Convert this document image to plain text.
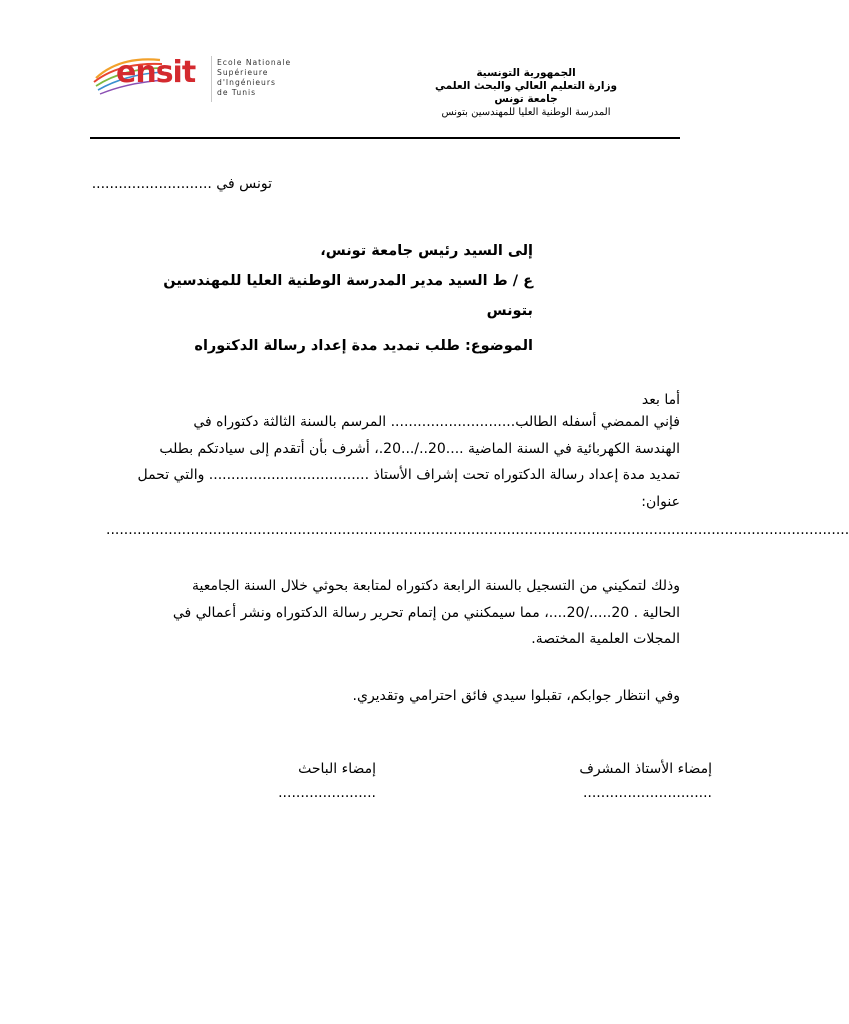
ensit	Ecole Nationale
Supérieure
d'Ingénieurs
de Tunis
الجمهورية التونسية
وزارة التعليم العالي والبحث العلمي
جامعة تونس
المدرسة الوطنية العليا للمهندسين بتونس
تونس في ...........................
إلى السيد رئيس جامعة تونس،
ع / ط السيد مدير المدرسة الوطنية العليا للمهندسين
بتونس
الموضوع: طلب تمديد مدة إعداد رسالة الدكتوراه
أما بعد
فإني الممضي أسفله الطالب............................ المرسم بالسنة الثالثة دكتوراه في
الهندسة الكهربائية في السنة الماضية ....20../...20.، أشرف بأن أتقدم إلى سيادتكم بطلب
تمديد مدة إعداد رسالة الدكتوراه تحت إشراف الأستاذ .................................... والتي تحمل
عنوان:
.......................................................................................................................................................................
وذلك لتمكيني من التسجيل بالسنة الرابعة دكتوراه لمتابعة بحوثي خلال السنة الجامعية
الحالية . 20...../20....، مما سيمكنني من إتمام تحرير رسالة الدكتوراه ونشر أعمالي في
المجلات العلمية المختصة.
وفي انتظار جوابكم، تقبلوا سيدي فائق احترامي وتقديري.
إمضاء الأستاذ المشرف
.............................
إمضاء الباحث
......................
